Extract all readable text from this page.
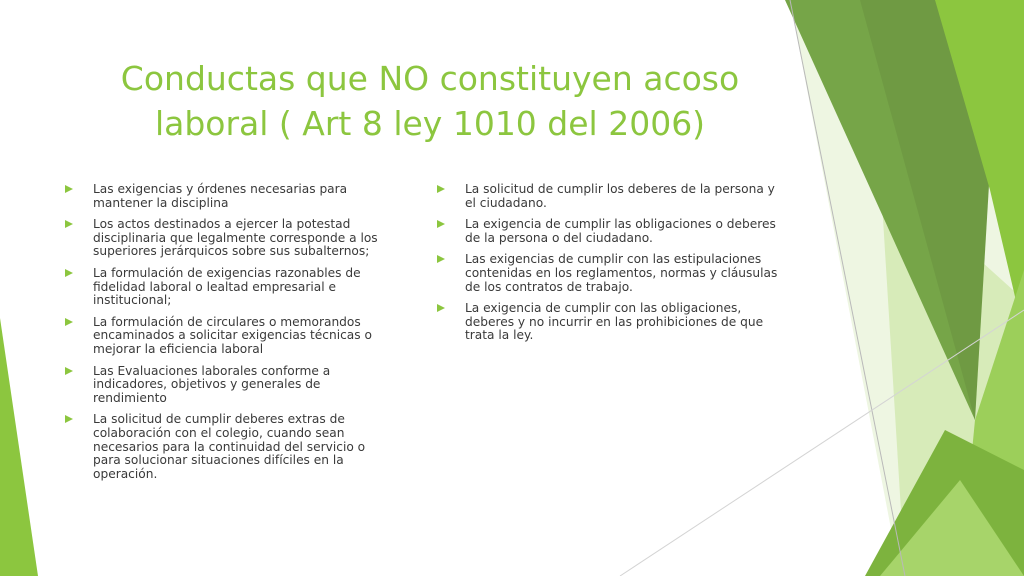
Conductas que NO constituyen acoso
laboral ( Art 8 ley 1010 del 2006)
Las exigencias y órdenes necesarias para mantener la disciplina
Los actos destinados a ejercer la potestad disciplinaria que legalmente corresponde a los superiores jerárquicos sobre sus subalternos;
La formulación de exigencias razonables de fidelidad laboral o lealtad empresarial e institucional;
La formulación de circulares o memorandos encaminados a solicitar exigencias técnicas o mejorar la eficiencia laboral
Las Evaluaciones laborales conforme a indicadores, objetivos y generales de rendimiento
La solicitud de cumplir deberes extras de colaboración con el colegio, cuando sean necesarios para la continuidad del servicio o para solucionar situaciones difíciles en la operación.
La solicitud de cumplir los deberes de la persona y el ciudadano.
La exigencia de cumplir las obligaciones o deberes de la persona o del ciudadano.
Las exigencias de cumplir con las estipulaciones contenidas en los reglamentos, normas y cláusulas de los contratos de trabajo.
La exigencia de cumplir con las obligaciones, deberes y no incurrir en las prohibiciones de que trata la ley.
